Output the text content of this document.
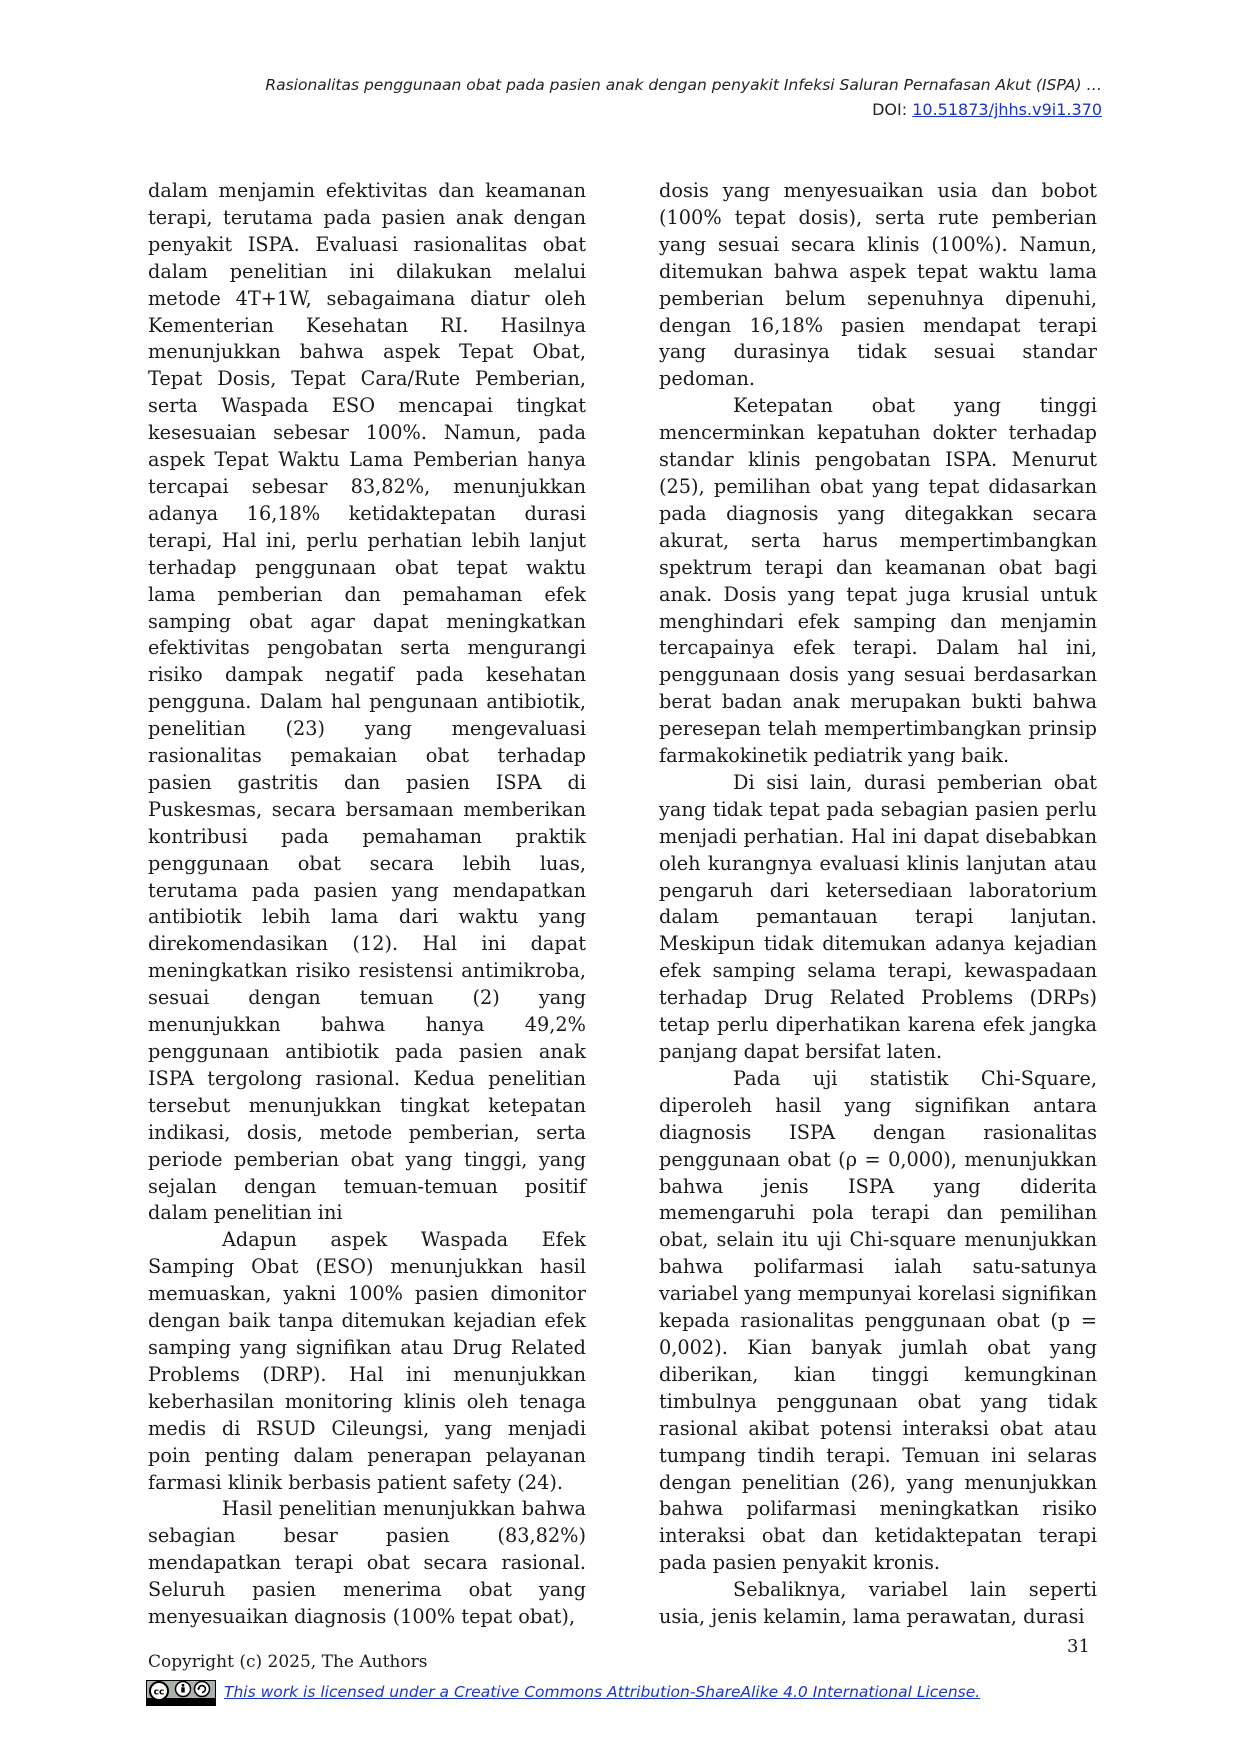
Rasionalitas penggunaan obat pada pasien anak dengan penyakit Infeksi Saluran Pernafasan Akut (ISPA) …
DOI: 10.51873/jhhs.v9i1.370

dalam menjamin efektivitas dan keamanan terapi, terutama pada pasien anak dengan penyakit ISPA. Evaluasi rasionalitas obat dalam penelitian ini dilakukan melalui metode 4T+1W, sebagaimana diatur oleh Kementerian Kesehatan RI. Hasilnya menunjukkan bahwa aspek Tepat Obat, Tepat Dosis, Tepat Cara/Rute Pemberian, serta Waspada ESO mencapai tingkat kesesuaian sebesar 100%. Namun, pada aspek Tepat Waktu Lama Pemberian hanya tercapai sebesar 83,82%, menunjukkan adanya 16,18% ketidaktepatan durasi terapi, Hal ini, perlu perhatian lebih lanjut terhadap penggunaan obat tepat waktu lama pemberian dan pemahaman efek samping obat agar dapat meningkatkan efektivitas pengobatan serta mengurangi risiko dampak negatif pada kesehatan pengguna. Dalam hal pengunaan antibiotik, penelitian (23) yang mengevaluasi rasionalitas pemakaian obat terhadap pasien gastritis dan pasien ISPA di Puskesmas, secara bersamaan memberikan kontribusi pada pemahaman praktik penggunaan obat secara lebih luas, terutama pada pasien yang mendapatkan antibiotik lebih lama dari waktu yang direkomendasikan (12). Hal ini dapat meningkatkan risiko resistensi antimikroba, sesuai dengan temuan (2) yang menunjukkan bahwa hanya 49,2% penggunaan antibiotik pada pasien anak ISPA tergolong rasional. Kedua penelitian tersebut menunjukkan tingkat ketepatan indikasi, dosis, metode pemberian, serta periode pemberian obat yang tinggi, yang sejalan dengan temuan-temuan positif dalam penelitian ini

Adapun aspek Waspada Efek Samping Obat (ESO) menunjukkan hasil memuaskan, yakni 100% pasien dimonitor dengan baik tanpa ditemukan kejadian efek samping yang signifikan atau Drug Related Problems (DRP). Hal ini menunjukkan keberhasilan monitoring klinis oleh tenaga medis di RSUD Cileungsi, yang menjadi poin penting dalam penerapan pelayanan farmasi klinik berbasis patient safety (24).

Hasil penelitian menunjukkan bahwa sebagian besar pasien (83,82%) mendapatkan terapi obat secara rasional. Seluruh pasien menerima obat yang menyesuaikan diagnosis (100% tepat obat),

dosis yang menyesuaikan usia dan bobot (100% tepat dosis), serta rute pemberian yang sesuai secara klinis (100%). Namun, ditemukan bahwa aspek tepat waktu lama pemberian belum sepenuhnya dipenuhi, dengan 16,18% pasien mendapat terapi yang durasinya tidak sesuai standar pedoman.

Ketepatan obat yang tinggi mencerminkan kepatuhan dokter terhadap standar klinis pengobatan ISPA. Menurut (25), pemilihan obat yang tepat didasarkan pada diagnosis yang ditegakkan secara akurat, serta harus mempertimbangkan spektrum terapi dan keamanan obat bagi anak. Dosis yang tepat juga krusial untuk menghindari efek samping dan menjamin tercapainya efek terapi. Dalam hal ini, penggunaan dosis yang sesuai berdasarkan berat badan anak merupakan bukti bahwa peresepan telah mempertimbangkan prinsip farmakokinetik pediatrik yang baik.

Di sisi lain, durasi pemberian obat yang tidak tepat pada sebagian pasien perlu menjadi perhatian. Hal ini dapat disebabkan oleh kurangnya evaluasi klinis lanjutan atau pengaruh dari ketersediaan laboratorium dalam pemantauan terapi lanjutan. Meskipun tidak ditemukan adanya kejadian efek samping selama terapi, kewaspadaan terhadap Drug Related Problems (DRPs) tetap perlu diperhatikan karena efek jangka panjang dapat bersifat laten.

Pada uji statistik Chi-Square, diperoleh hasil yang signifikan antara diagnosis ISPA dengan rasionalitas penggunaan obat (ρ = 0,000), menunjukkan bahwa jenis ISPA yang diderita memengaruhi pola terapi dan pemilihan obat, selain itu uji Chi-square menunjukkan bahwa polifarmasi ialah satu-satunya variabel yang mempunyai korelasi signifikan kepada rasionalitas penggunaan obat (p = 0,002). Kian banyak jumlah obat yang diberikan, kian tinggi kemungkinan timbulnya penggunaan obat yang tidak rasional akibat potensi interaksi obat atau tumpang tindih terapi. Temuan ini selaras dengan penelitian (26), yang menunjukkan bahwa polifarmasi meningkatkan risiko interaksi obat dan ketidaktepatan terapi pada pasien penyakit kronis.

Sebaliknya, variabel lain seperti usia, jenis kelamin, lama perawatan, durasi

31
Copyright (c) 2025, The Authors
cc	This work is licensed under a Creative Commons Attribution-ShareAlike 4.0 International License.
